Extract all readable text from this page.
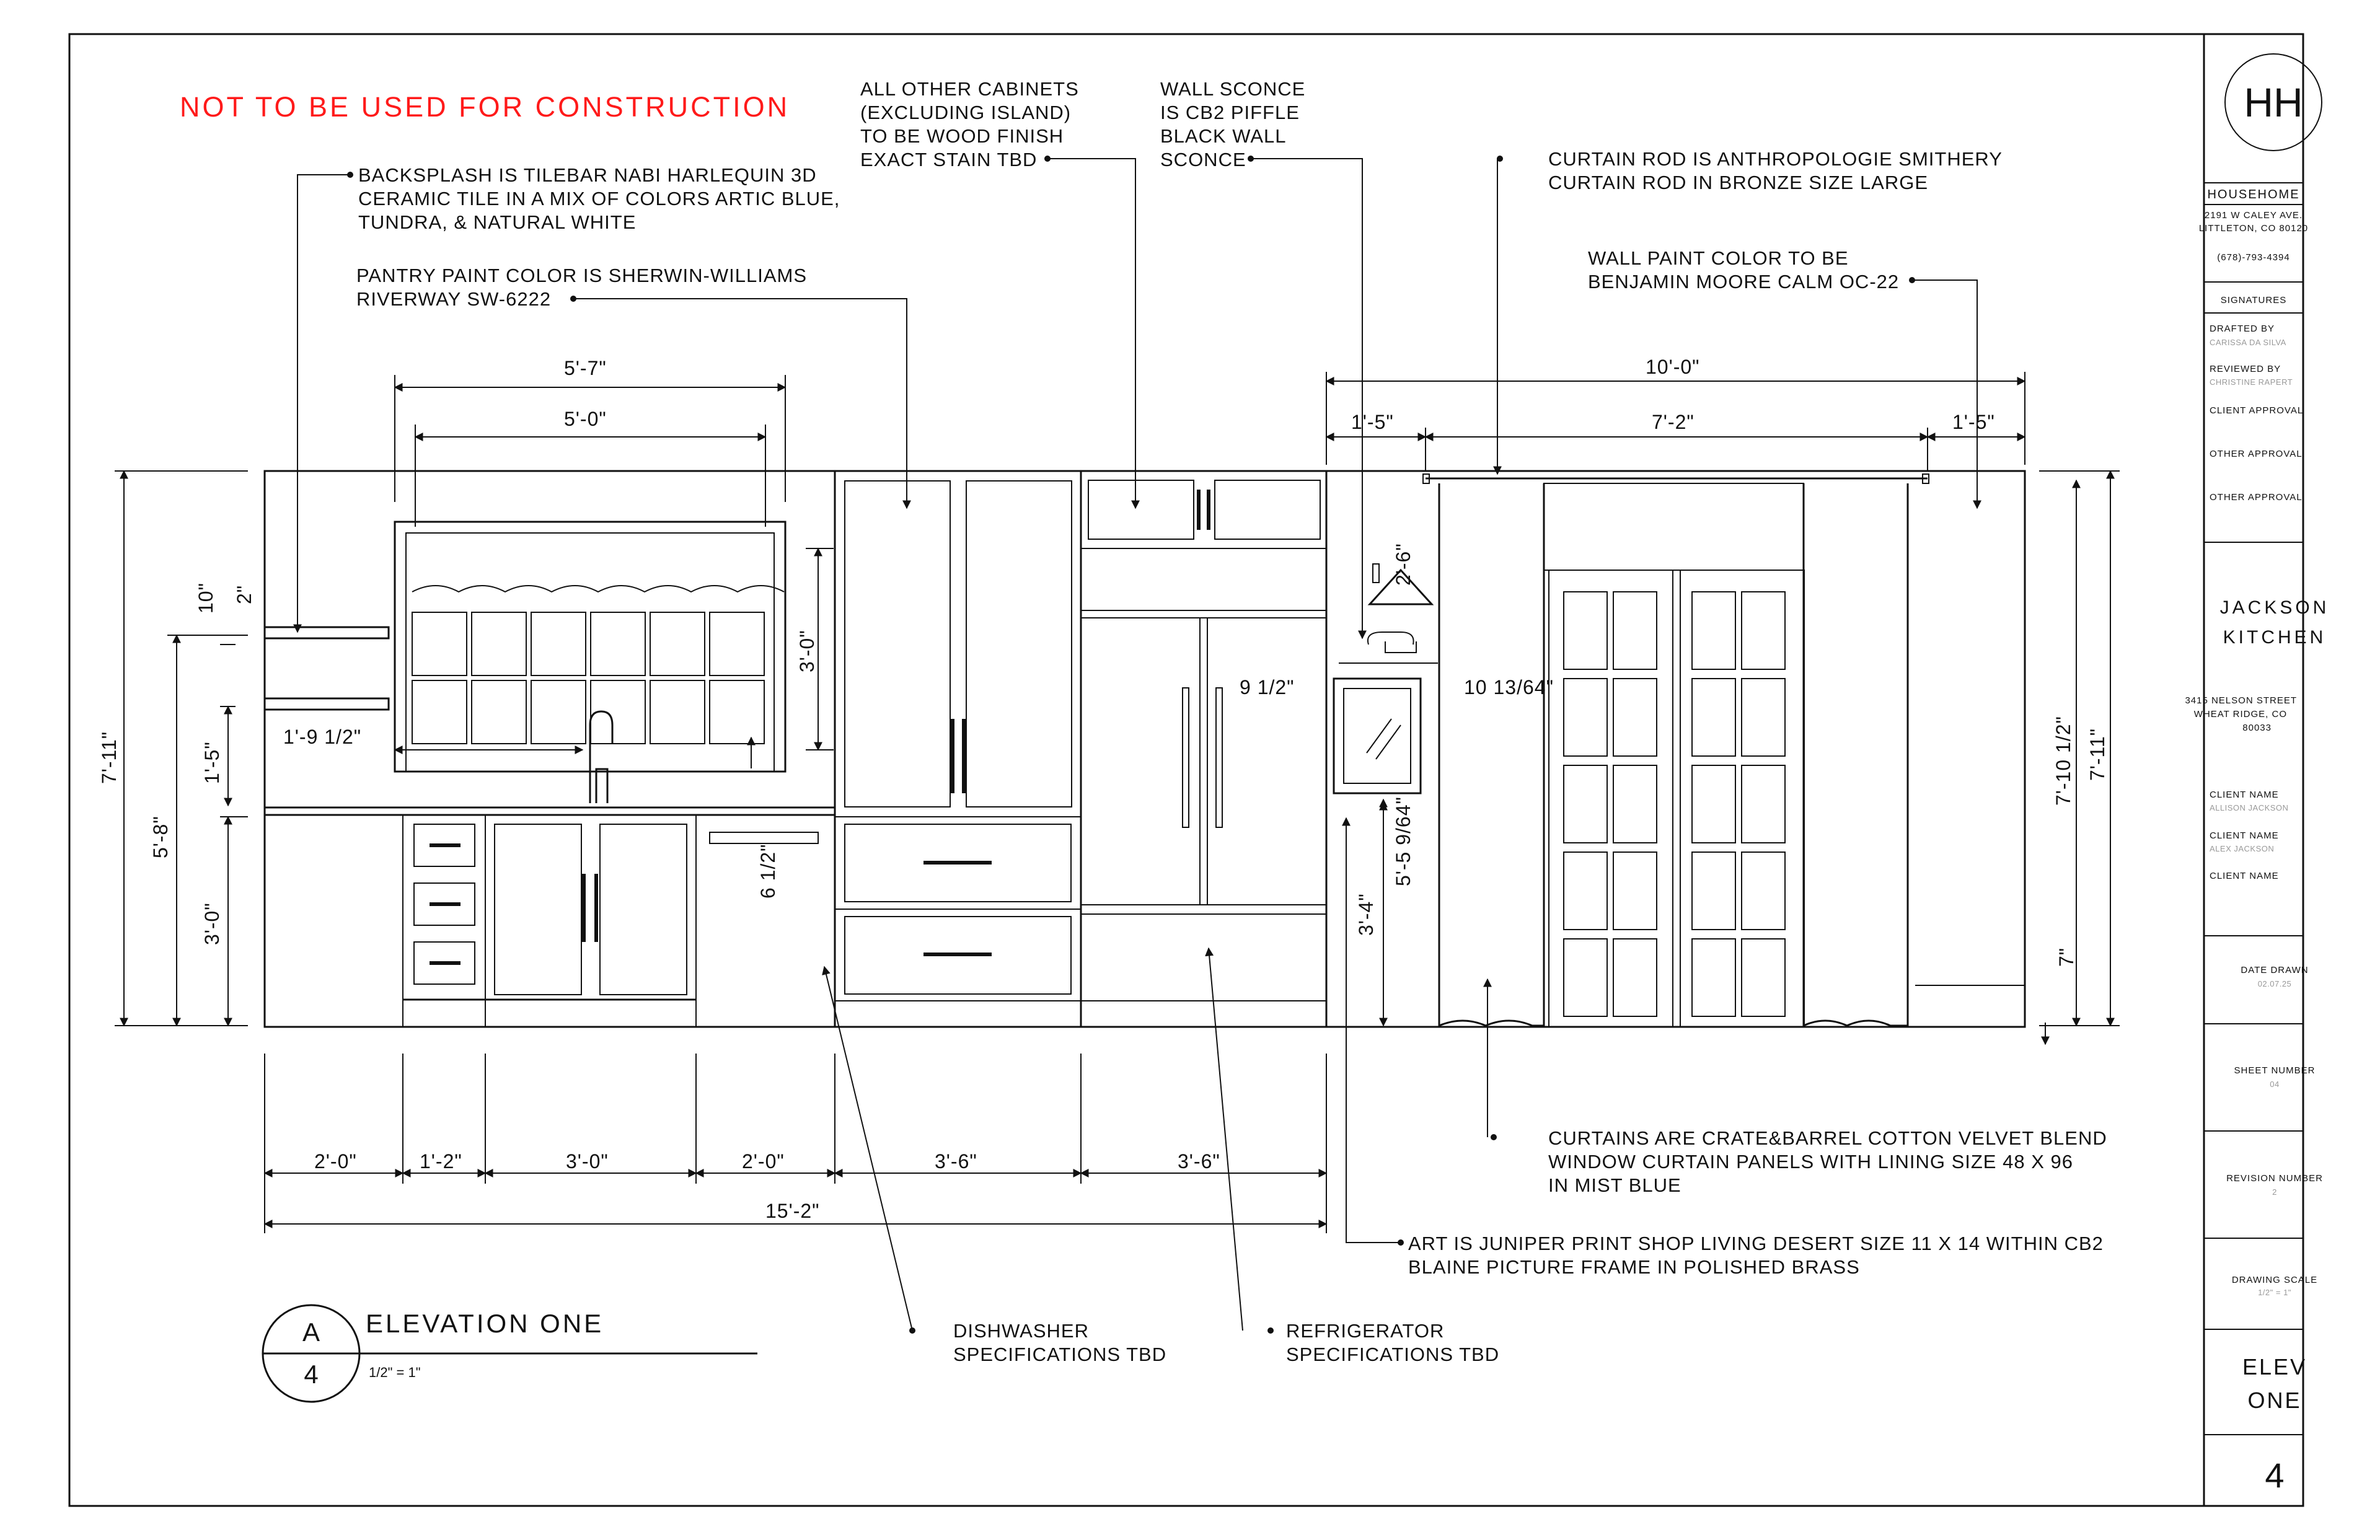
NOT TO BE USED FOR CONSTRUCTION
BACKSPLASH IS TILEBAR NABI HARLEQUIN 3D CERAMIC TILE IN A MIX OF COLORS ARTIC BLUE, TUNDRA, & NATURAL WHITE
PANTRY PAINT COLOR IS SHERWIN-WILLIAMS RIVERWAY SW-6222
ALL OTHER CABINETS (EXCLUDING ISLAND) TO BE WOOD FINISH EXACT STAIN TBD
WALL SCONCE IS CB2 PIFFLE BLACK WALL SCONCE	CURTAIN ROD IS ANTHROPOLOGIE SMITHERY CURTAIN ROD IN BRONZE SIZE LARGE
WALL PAINT COLOR TO BE BENJAMIN MOORE CALM OC-22
CURTAINS ARE CRATE&BARREL COTTON VELVET BLEND WINDOW CURTAIN PANELS WITH LINING SIZE 48 X 96 IN MIST BLUE
ART IS JUNIPER PRINT SHOP LIVING DESERT SIZE 11 X 14 WITHIN CB2 BLAINE PICTURE FRAME IN POLISHED BRASS
DISHWASHER SPECIFICATIONS TBD
REFRIGERATOR SPECIFICATIONS TBD
5'-7"
5'-0"
10'-0"
1'-5"	7'-2"	1'-5"
1'-9 1/2"
9 1/2"	10 13/64"
2'-0"	1'-2"	3'-0"	2'-0"	3'-6"	3'-6"
15'-2"
3'-0"
6 1/2"
7'-11"
5'-8"
10" 2"
1'-5"
3'-0"
2'-6"
5'-5 9/64"
3'-4"
7'-10 1/2" 7'-11"
7"
A
4
ELEVATION ONE
1/2" = 1"
HH
HOUSEHOME
2191 W CALEY AVE.
LITTLETON, CO 80120
(678)-793-4394
SIGNATURES
DRAFTED BY
CARISSA DA SILVA
REVIEWED BY
CHRISTINE RAPERT
CLIENT APPROVAL
OTHER APPROVAL
OTHER APPROVAL
JACKSON
KITCHEN
3415 NELSON STREET
WHEAT RIDGE, CO
80033
CLIENT NAME
ALLISON JACKSON
CLIENT NAME
ALEX JACKSON
CLIENT NAME
DATE DRAWN
02.07.25
SHEET NUMBER
04
REVISION NUMBER
2
DRAWING SCALE
1/2" = 1"
ELEV
ONE
4
